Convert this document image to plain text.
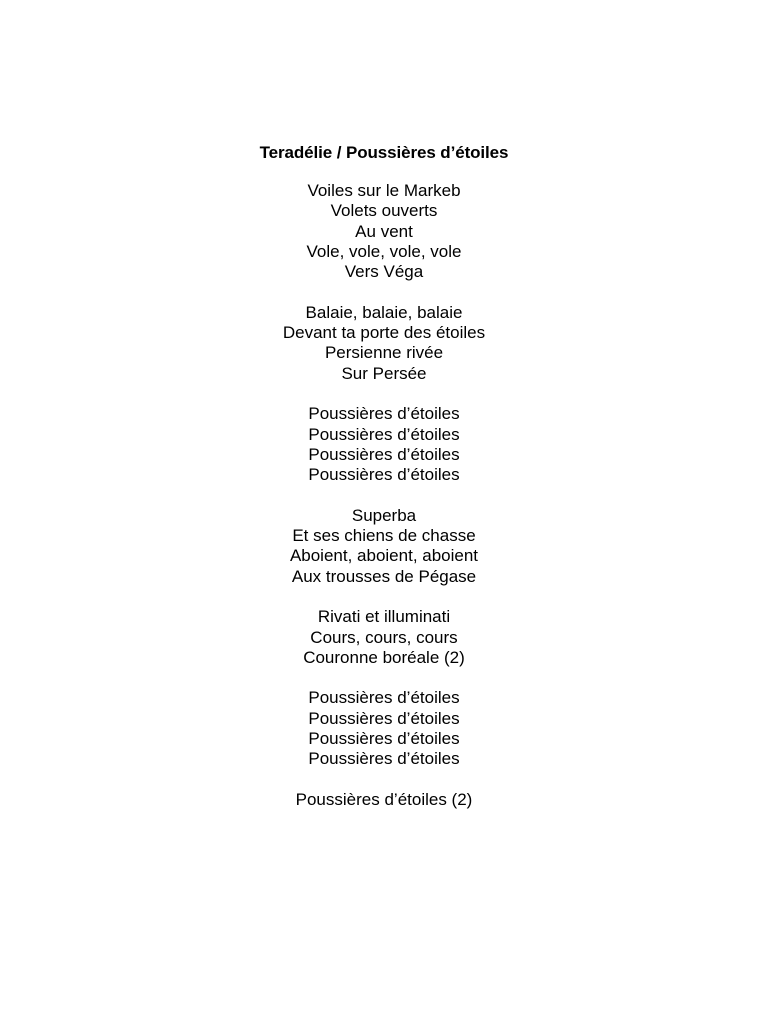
Teradélie / Poussières d’étoiles
Voiles sur le Markeb
Volets ouverts
Au vent
Vole, vole, vole, vole
Vers Véga
Balaie, balaie, balaie
Devant ta porte des étoiles
Persienne rivée
Sur Persée
Poussières d’étoiles
Poussières d’étoiles
Poussières d’étoiles
Poussières d’étoiles
Superba
Et ses chiens de chasse
Aboient, aboient, aboient
Aux trousses de Pégase
Rivati et illuminati
Cours, cours, cours
Couronne boréale (2)
Poussières d’étoiles
Poussières d’étoiles
Poussières d’étoiles
Poussières d’étoiles
Poussières d’étoiles (2)
